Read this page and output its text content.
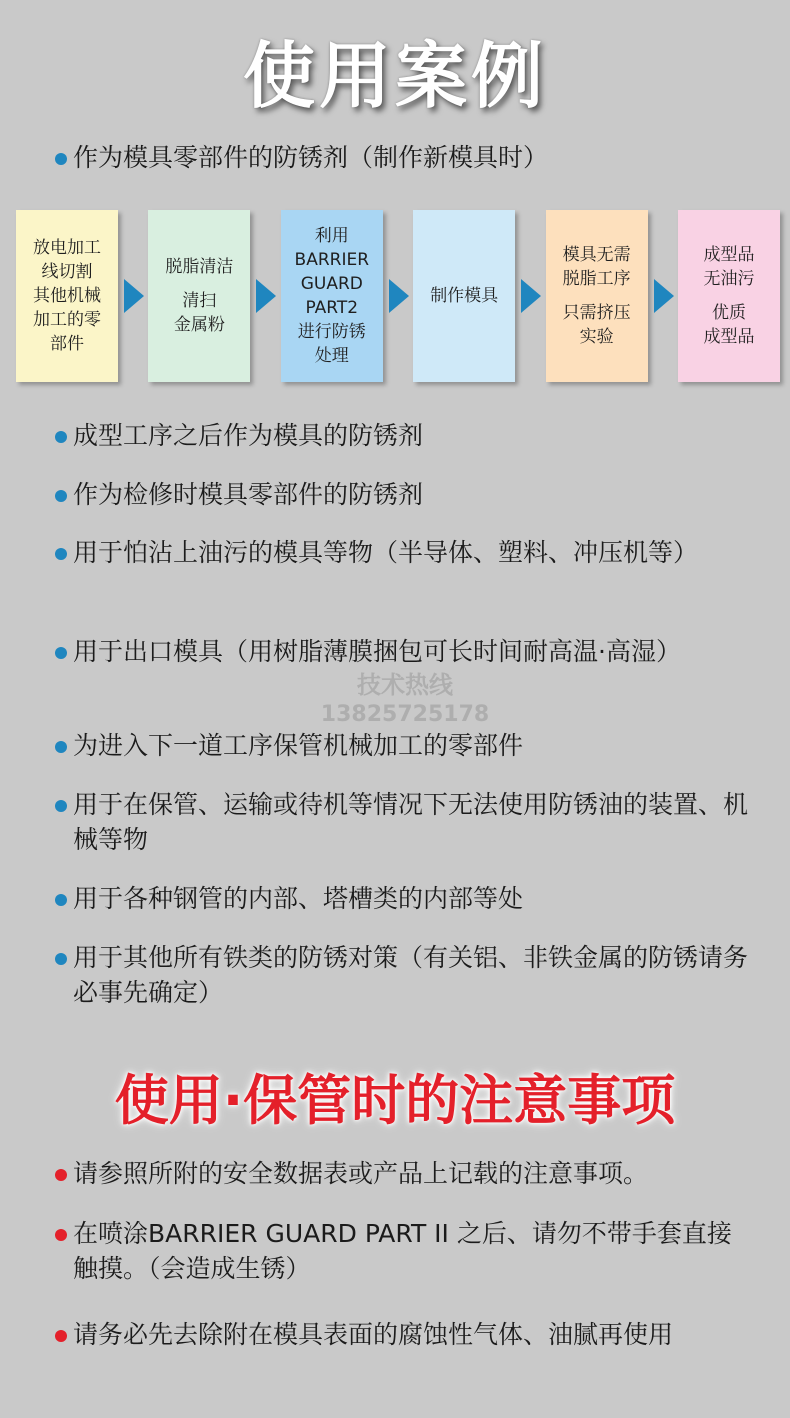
使用案例
作为模具零部件的防锈剂（制作新模具时）
放电加工
线切割
其他机械
加工的零
部件
脱脂清洁
清扫
金属粉
利用
BARRIER
GUARD
PART2
进行防锈
处理
制作模具
模具无需
脱脂工序
只需挤压
实验
成型品
无油污
优质
成型品
成型工序之后作为模具的防锈剂
作为检修时模具零部件的防锈剂
用于怕沾上油污的模具等物（半导体、塑料、冲压机等）
用于出口模具（用树脂薄膜捆包可长时间耐高温·高湿）
为进入下一道工序保管机械加工的零部件
用于在保管、运输或待机等情况下无法使用防锈油的装置、机械等物
用于各种钢管的内部、塔槽类的内部等处
用于其他所有铁类的防锈对策（有关铝、非铁金属的防锈请务必事先确定）
技术热线
13825725178
使用·保管时的注意事项
请参照所附的安全数据表或产品上记载的注意事项。
在喷涂BARRIER GUARD PART II 之后、请勿不带手套直接触摸。（会造成生锈）
请务必先去除附在模具表面的腐蚀性气体、油腻再使用
